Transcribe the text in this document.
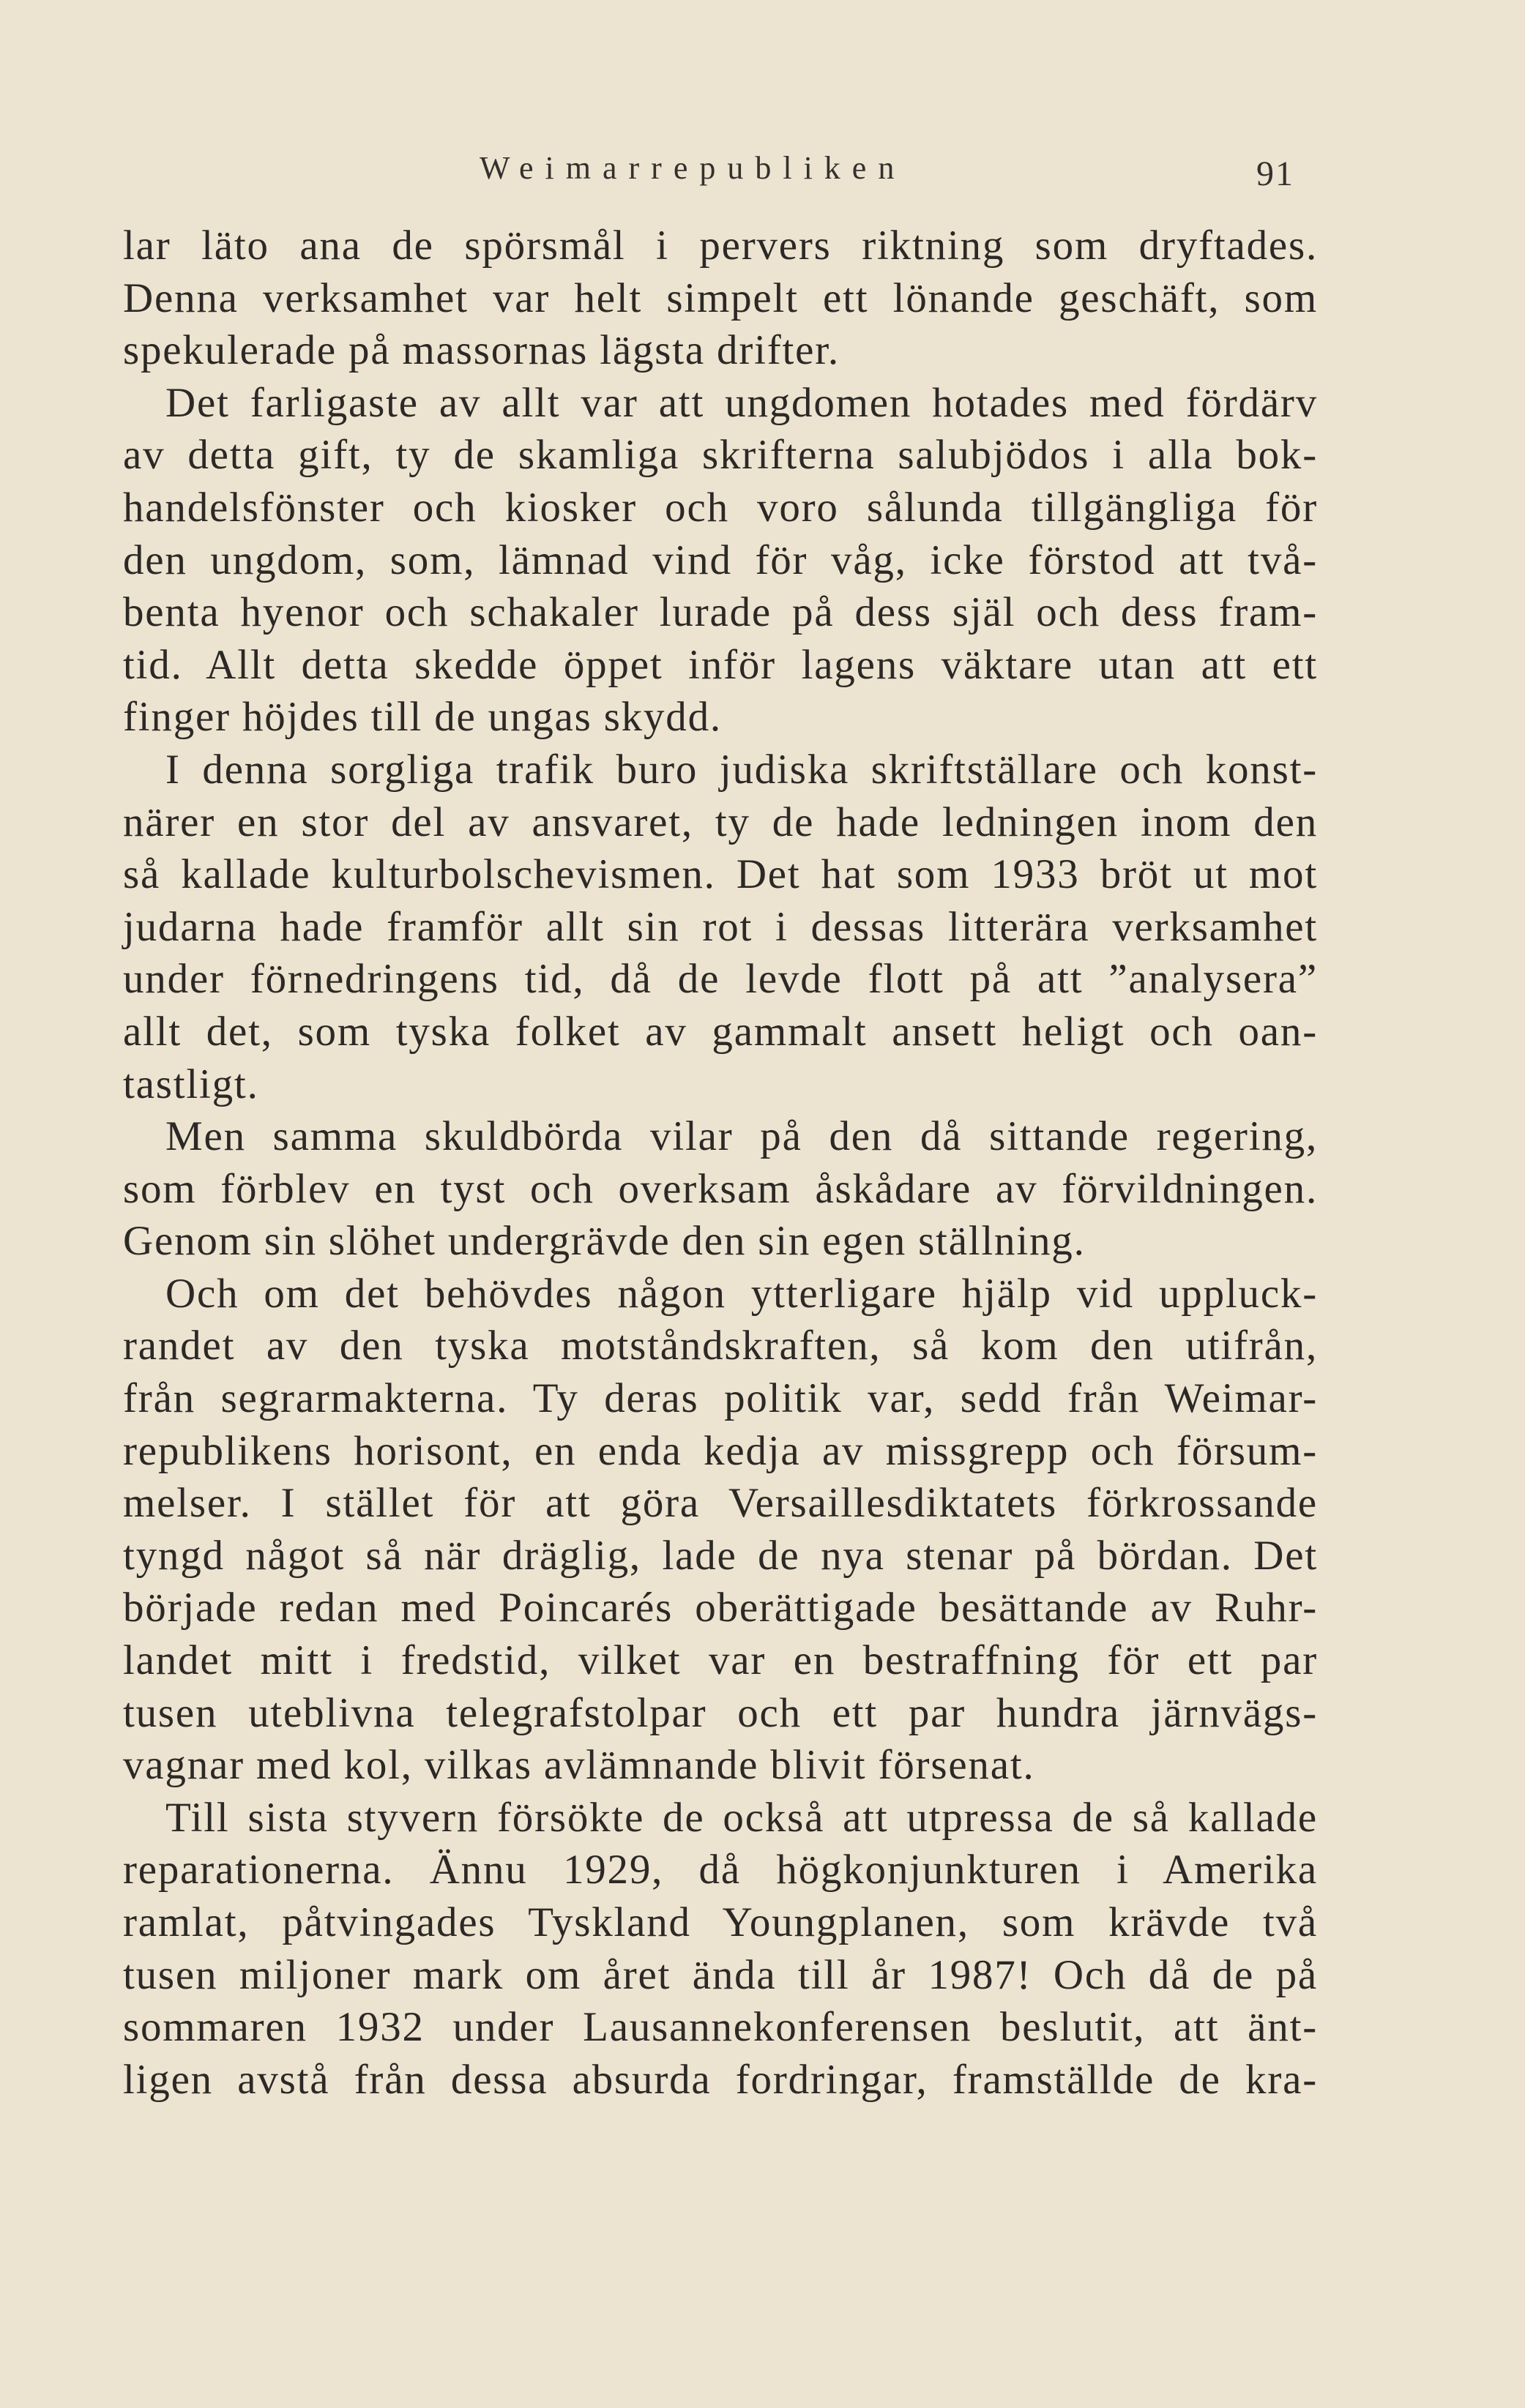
Weimarrepubliken	91
lar läto ana de spörsmål i pervers riktning som dryftades.
Denna verksamhet var helt simpelt ett lönande geschäft, som
spekulerade på massornas lägsta drifter.
Det farligaste av allt var att ungdomen hotades med fördärv
av detta gift, ty de skamliga skrifterna salubjödos i alla bok-
handelsfönster och kiosker och voro sålunda tillgängliga för
den ungdom, som, lämnad vind för våg, icke förstod att två-
benta hyenor och schakaler lurade på dess själ och dess fram-
tid. Allt detta skedde öppet inför lagens väktare utan att ett
finger höjdes till de ungas skydd.
I denna sorgliga trafik buro judiska skriftställare och konst-
närer en stor del av ansvaret, ty de hade ledningen inom den
så kallade kulturbolschevismen. Det hat som 1933 bröt ut mot
judarna hade framför allt sin rot i dessas litterära verksamhet
under förnedringens tid, då de levde flott på att ”analysera”
allt det, som tyska folket av gammalt ansett heligt och oan-
tastligt.
Men samma skuldbörda vilar på den då sittande regering,
som förblev en tyst och overksam åskådare av förvildningen.
Genom sin slöhet undergrävde den sin egen ställning.
Och om det behövdes någon ytterligare hjälp vid uppluck-
randet av den tyska motståndskraften, så kom den utifrån,
från segrarmakterna. Ty deras politik var, sedd från Weimar-
republikens horisont, en enda kedja av missgrepp och försum-
melser. I stället för att göra Versaillesdiktatets förkrossande
tyngd något så när dräglig, lade de nya stenar på bördan. Det
började redan med Poincarés oberättigade besättande av Ruhr-
landet mitt i fredstid, vilket var en bestraffning för ett par
tusen uteblivna telegrafstolpar och ett par hundra järnvägs-
vagnar med kol, vilkas avlämnande blivit försenat.
Till sista styvern försökte de också att utpressa de så kallade
reparationerna. Ännu 1929, då högkonjunkturen i Amerika
ramlat, påtvingades Tyskland Youngplanen, som krävde två
tusen miljoner mark om året ända till år 1987! Och då de på
sommaren 1932 under Lausannekonferensen beslutit, att änt-
ligen avstå från dessa absurda fordringar, framställde de kra-
